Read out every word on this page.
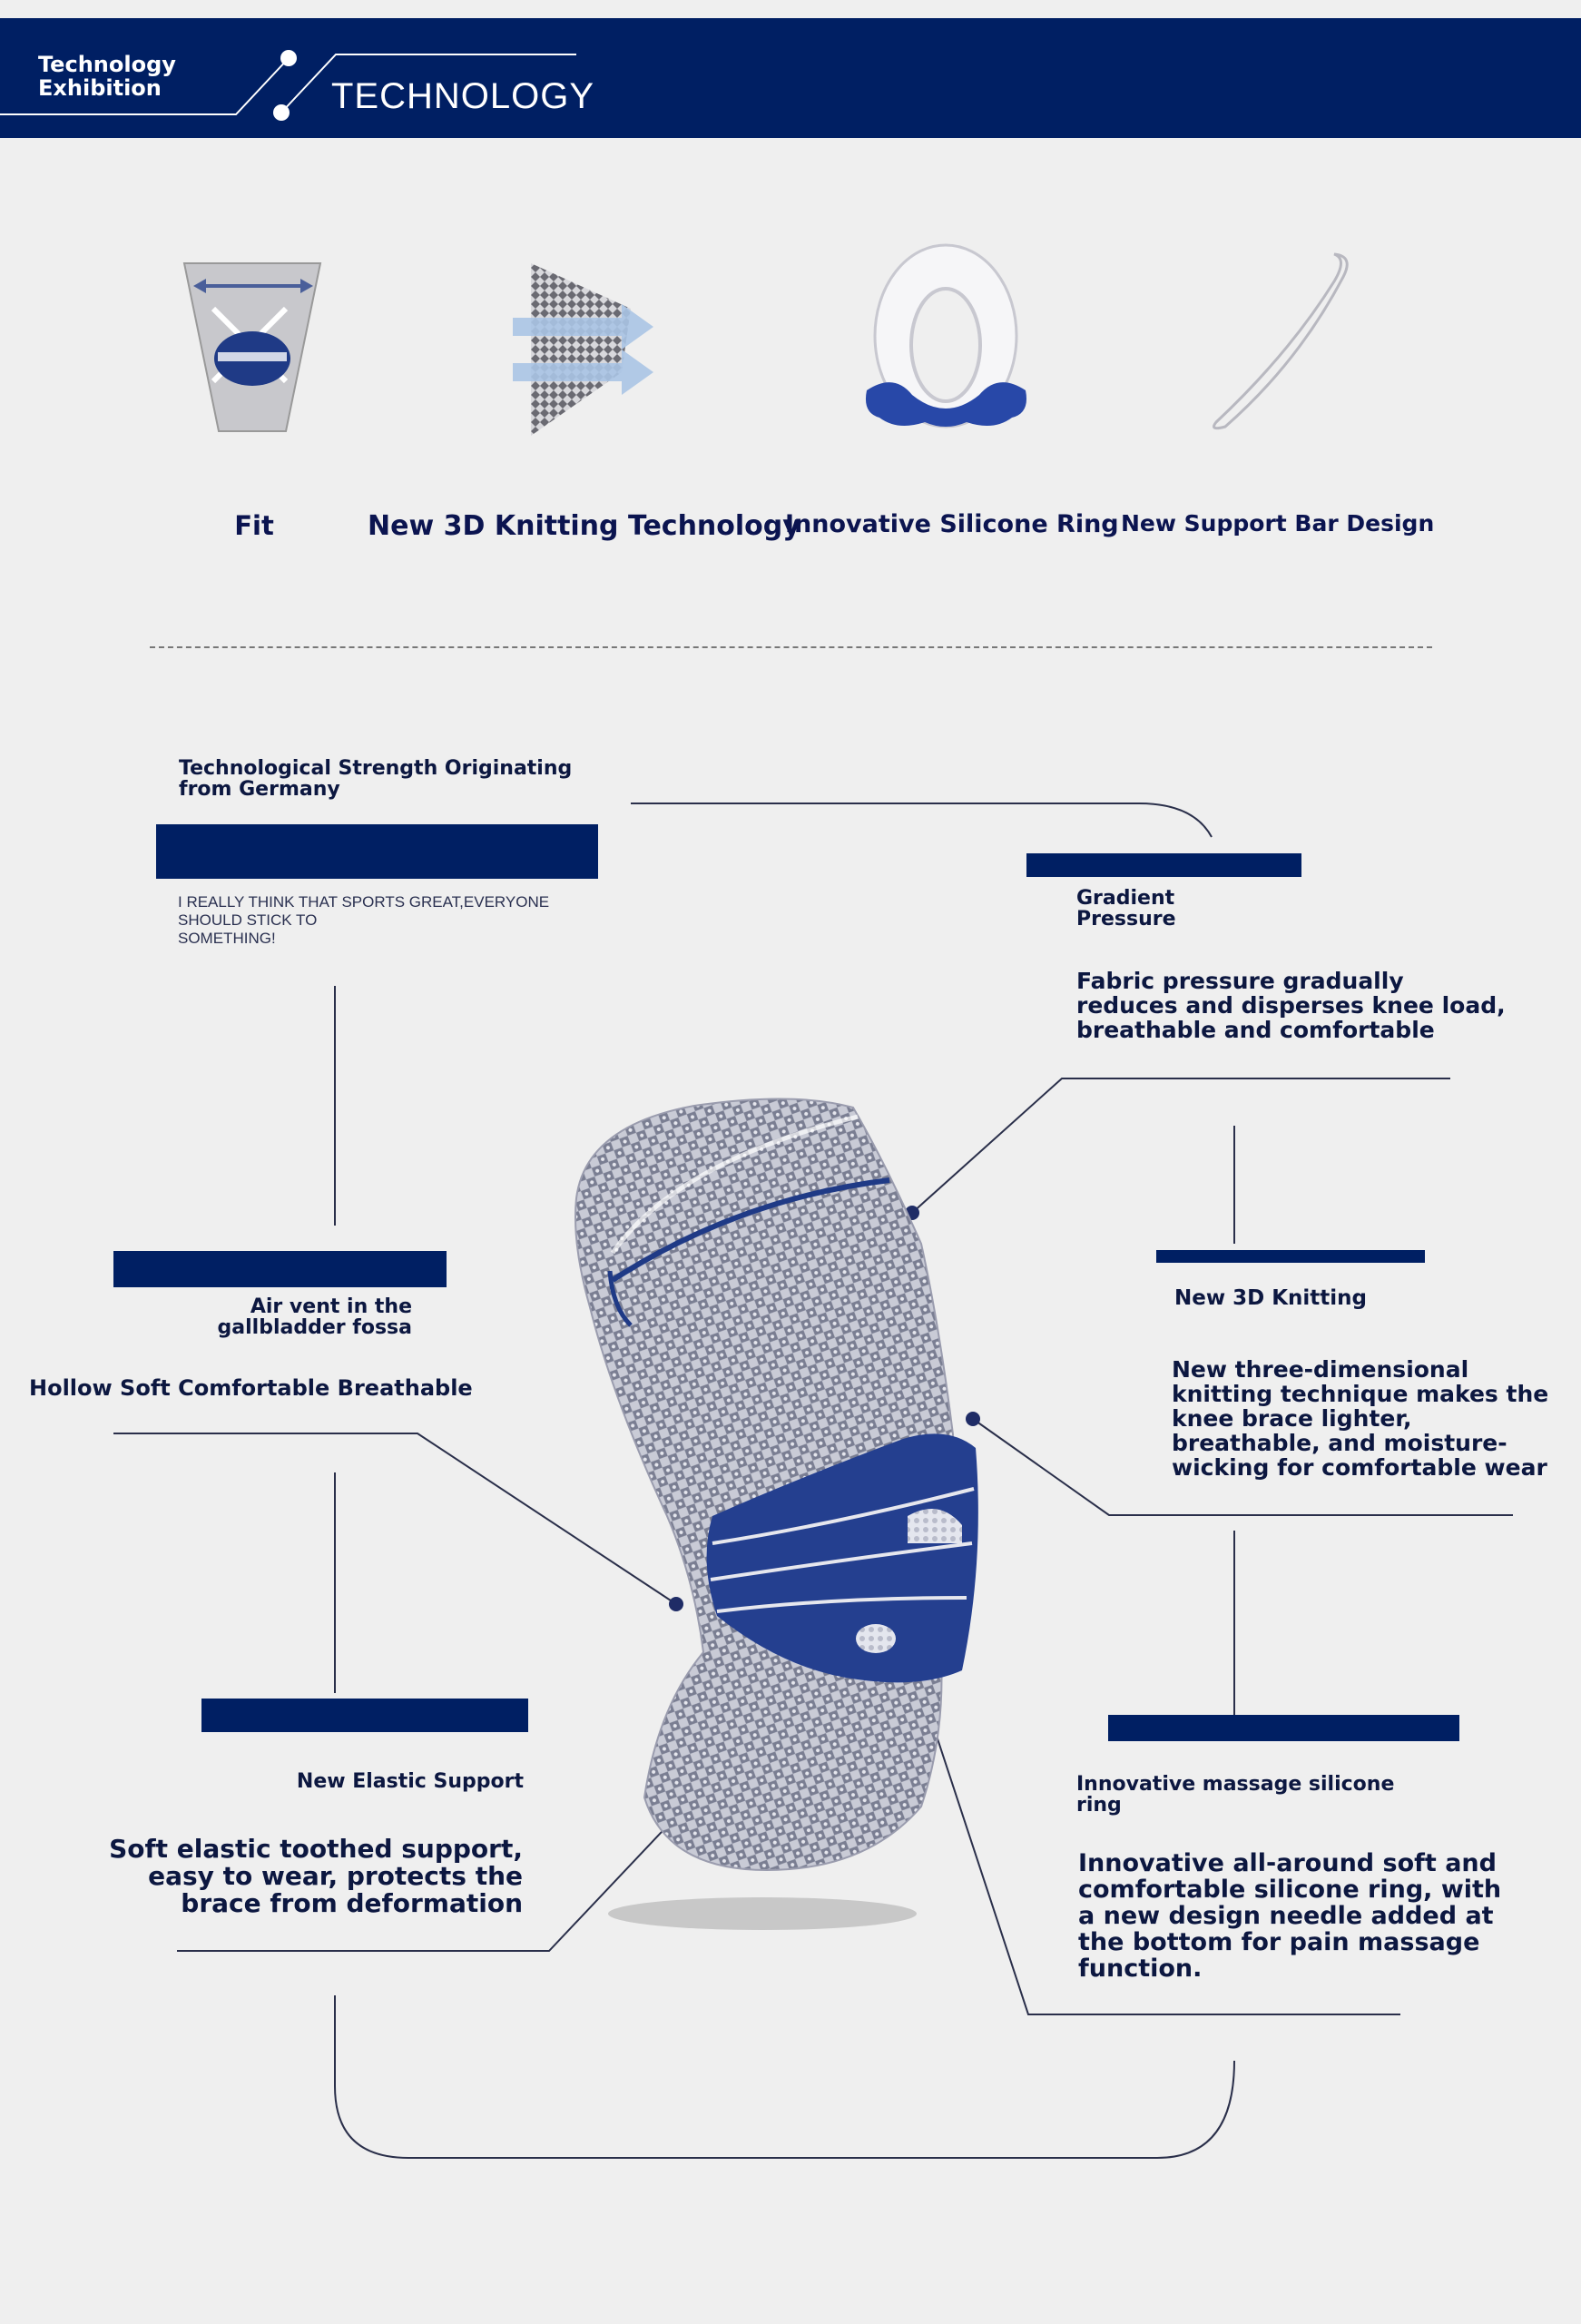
Technology
Exhibition	TECHNOLOGY
Fit	New 3D Knitting Technology
Innovative Silicone Ring New Support Bar Design
Technological Strength Originating
from Germany
I REALLY THINK THAT SPORTS GREAT,EVERYONE
SHOULD STICK TO
SOMETHING!
Gradient
Pressure
Fabric pressure gradually
reduces and disperses knee load,
breathable and comfortable
Air vent in the
gallbladder fossa
Hollow Soft Comfortable Breathable
New 3D Knitting
New three-dimensional
knitting technique makes the
knee brace lighter,
breathable, and moisture-
wicking for comfortable wear
New Elastic Support
Soft elastic toothed support,
easy to wear, protects the
brace from deformation
Innovative massage silicone
ring
Innovative all-around soft and
comfortable silicone ring, with
a new design needle added at
the bottom for pain massage
function.
